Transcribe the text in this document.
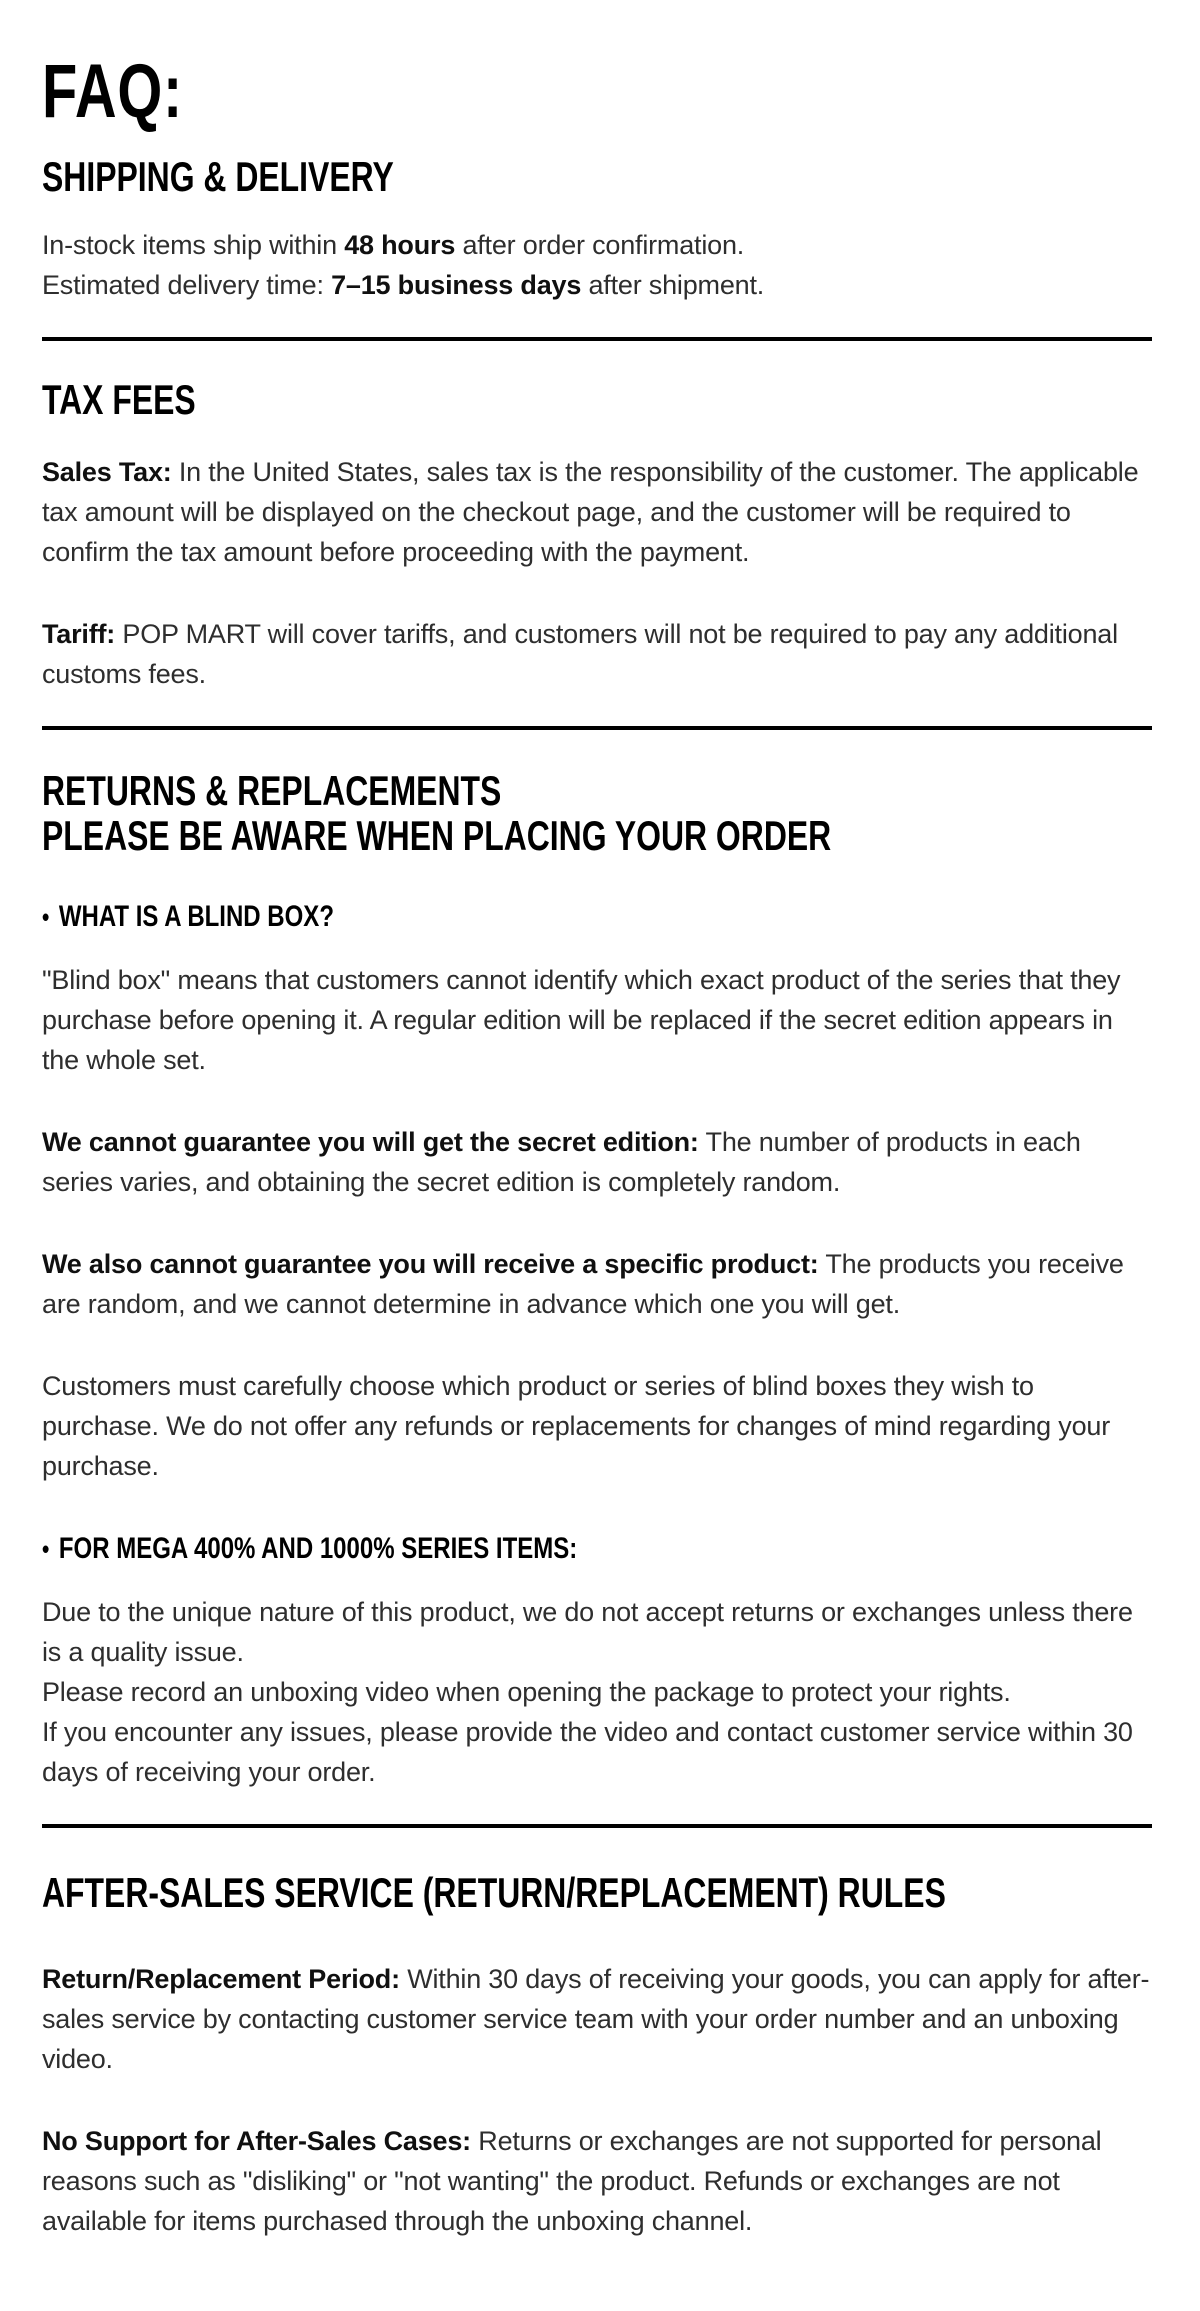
FAQ:
SHIPPING & DELIVERY

In-stock items ship within 48 hours after order confirmation.
Estimated delivery time: 7–15 business days after shipment.

TAX FEES

Sales Tax: In the United States, sales tax is the responsibility of the customer. The applicable tax amount will be displayed on the checkout page, and the customer will be required to confirm the tax amount before proceeding with the payment.

Tariff: POP MART will cover tariffs, and customers will not be required to pay any additional customs fees.

RETURNS & REPLACEMENTS
PLEASE BE AWARE WHEN PLACING YOUR ORDER
• WHAT IS A BLIND BOX?

"Blind box" means that customers cannot identify which exact product of the series that they purchase before opening it. A regular edition will be replaced if the secret edition appears in the whole set.

We cannot guarantee you will get the secret edition: The number of products in each series varies, and obtaining the secret edition is completely random.

We also cannot guarantee you will receive a specific product: The products you receive are random, and we cannot determine in advance which one you will get.

Customers must carefully choose which product or series of blind boxes they wish to purchase. We do not offer any refunds or replacements for changes of mind regarding your purchase.

• FOR MEGA 400% AND 1000% SERIES ITEMS:

Due to the unique nature of this product, we do not accept returns or exchanges unless there is a quality issue.
Please record an unboxing video when opening the package to protect your rights.
If you encounter any issues, please provide the video and contact customer service within 30 days of receiving your order.

AFTER-SALES SERVICE (RETURN/REPLACEMENT) RULES

Return/Replacement Period: Within 30 days of receiving your goods, you can apply for after-sales service by contacting customer service team with your order number and an unboxing video.

No Support for After-Sales Cases: Returns or exchanges are not supported for personal reasons such as "disliking" or "not wanting" the product. Refunds or exchanges are not available for items purchased through the unboxing channel.
